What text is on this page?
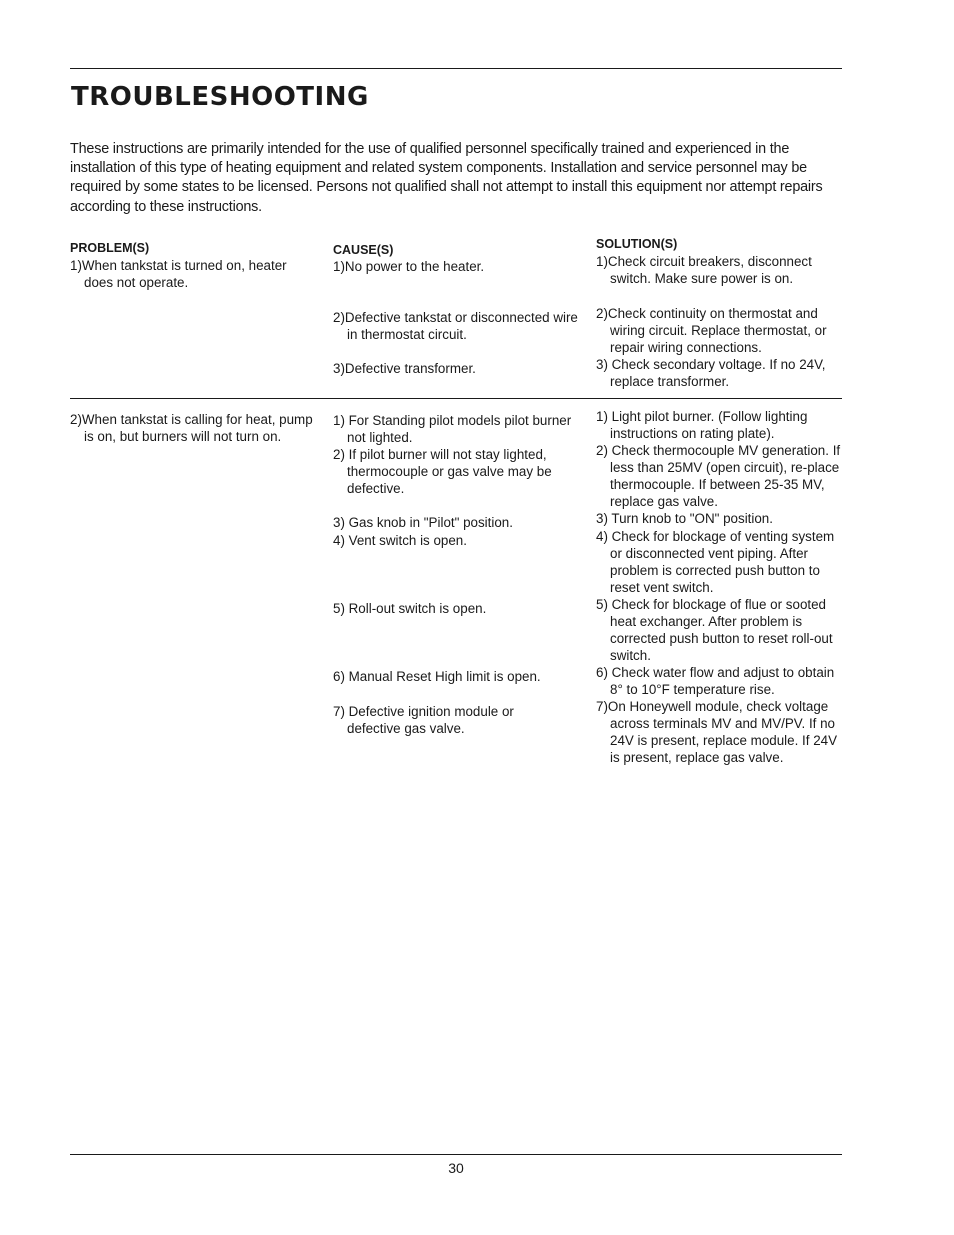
TROUBLESHOOTING

These instructions are primarily intended for the use of qualified personnel specifically trained and experienced in the installation of this type of heating equipment and related system components. Installation and service personnel may be required by some states to be licensed. Persons not qualified shall not attempt to install this equipment nor attempt repairs according to these instructions.

PROBLEM(S)	CAUSE(S)	SOLUTION(S)

1)When tankstat is turned on, heater does not operate.

1)No power to the heater.

2)Defective tankstat or disconnected wire in thermostat circuit.

3)Defective transformer.

1)Check circuit breakers, disconnect switch. Make sure power is on.

2)Check continuity on thermostat and wiring circuit. Replace thermostat, or repair wiring connections.

3) Check secondary voltage. If no 24V, replace transformer.

2)When tankstat is calling for heat, pump is on, but burners will not turn on.

1) For Standing pilot models pilot burner not lighted.

2) If pilot burner will not stay lighted, thermocouple or gas valve may be defective.

3) Gas knob in "Pilot" position.

4) Vent switch is open.

5) Roll-out switch is open.

6) Manual Reset High limit is open.

7) Defective ignition module or defective gas valve.

1) Light pilot burner. (Follow lighting instructions on rating plate).

2) Check thermocouple MV generation. If less than 25MV (open circuit), re-place thermocouple. If between 25-35 MV, replace gas valve.

3) Turn knob to "ON" position.

4) Check for blockage of venting system or disconnected vent piping. After problem is corrected push button to reset vent switch.

5) Check for blockage of flue or sooted heat exchanger. After problem is corrected push button to reset roll-out switch.

6) Check water flow and adjust to obtain 8° to 10°F temperature rise.

7)On Honeywell module, check voltage across terminals MV and MV/PV. If no 24V is present, replace module. If 24V is present, replace gas valve.

30
